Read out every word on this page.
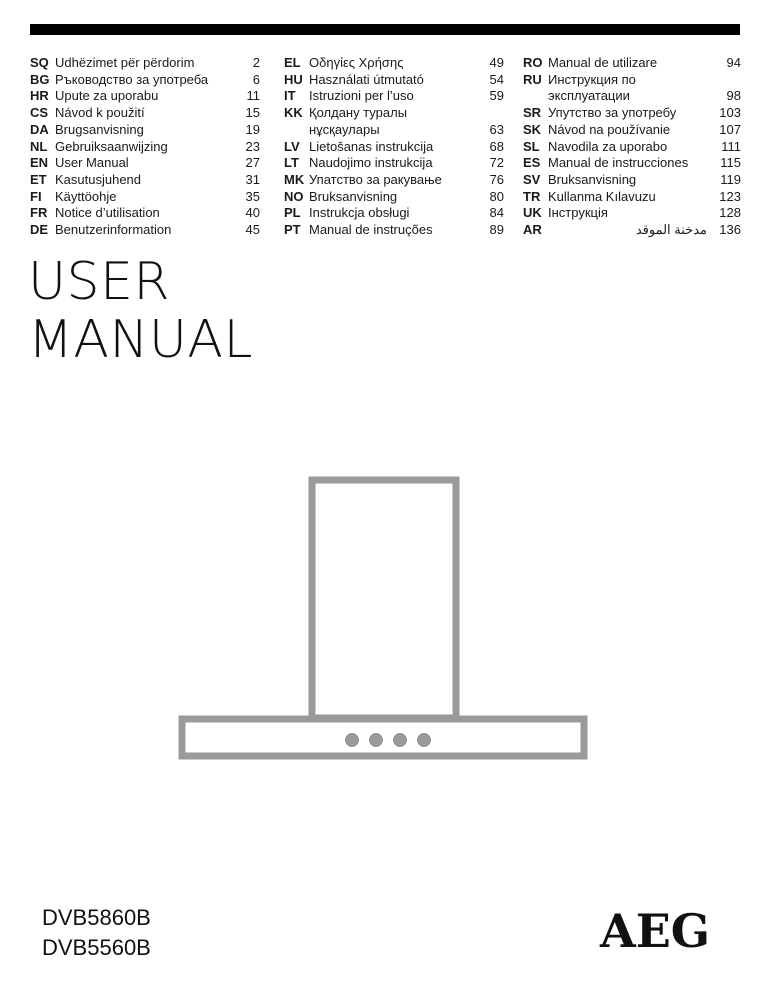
SQ Udhëzimet për përdorim	2
BG Ръководство за употреба	6
HR Upute za uporabu	11
CS Návod k použití	15
DA Brugsanvisning	19
NL Gebruiksaanwijzing	23
EN User Manual	27
ET Kasutusjuhend	31
FI	Käyttöohje	35
FR Notice d’utilisation	40
DE Benutzerinformation	45
EL Οδηγίες Χρήσης	49
HU Használati útmutató	54
IT	Istruzioni per l’uso	59
KK Қолдану туралы
нұсқаулары	63
LV Lietošanas instrukcija	68
LT Naudojimo instrukcija	72
MK Упатство за ракување	76
NO Bruksanvisning	80
PL Instrukcja obsługi	84
PT Manual de instruções	89
RO Manual de utilizare	94
RU Инструкция по
эксплуатации	98
SR Упутство за употребу	103
SK Návod na používanie	107
SL Navodila za uporabo	111
ES Manual de instrucciones	115
SV Bruksanvisning	119
TR Kullanma Kılavuzu	123
UK Інструкція	128
AR	مدخنة الموقد 136
USER
MANUAL
DVB5860B
DVB5560B	AEG
